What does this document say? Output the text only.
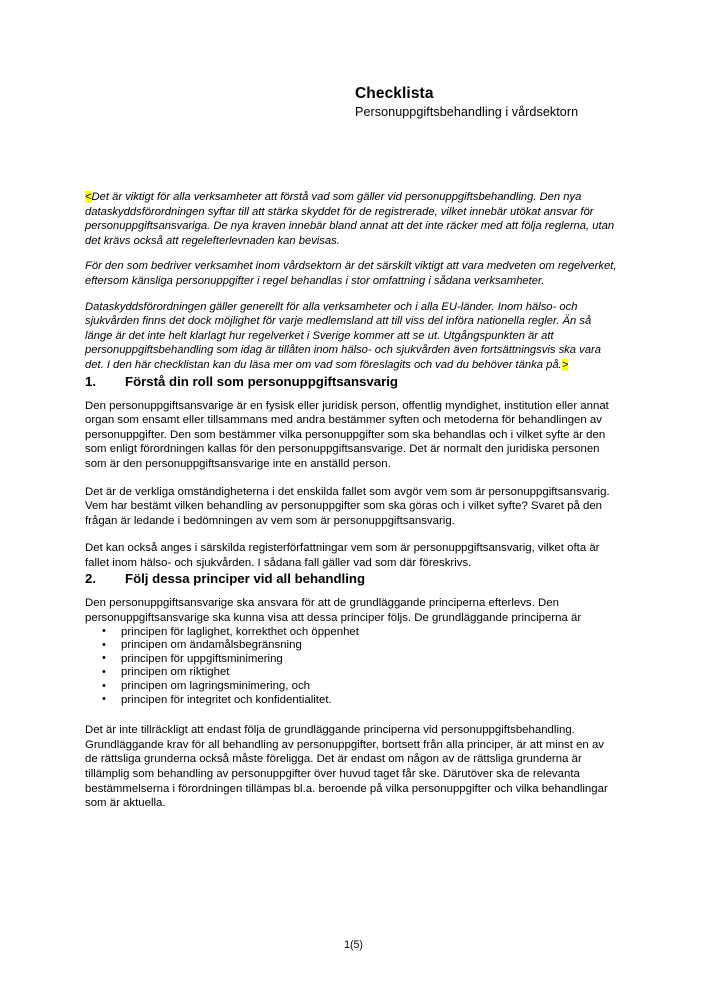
Checklista
Personuppgiftsbehandling i vårdsektorn

<Det är viktigt för alla verksamheter att förstå vad som gäller vid personuppgiftsbehandling. Den nya dataskyddsförordningen syftar till att stärka skyddet för de registrerade, vilket innebär utökat ansvar för personuppgiftsansvariga. De nya kraven innebär bland annat att det inte räcker med att följa reglerna, utan det krävs också att regelefterlevnaden kan bevisas.

För den som bedriver verksamhet inom vårdsektorn är det särskilt viktigt att vara medveten om regelverket, eftersom känsliga personuppgifter i regel behandlas i stor omfattning i sådana verksamheter.

Dataskyddsförordningen gäller generellt för alla verksamheter och i alla EU-länder. Inom hälso- och sjukvården finns det dock möjlighet för varje medlemsland att till viss del införa nationella regler. Än så länge är det inte helt klarlagt hur regelverket i Sverige kommer att se ut. Utgångspunkten är att personuppgiftsbehandling som idag är tillåten inom hälso- och sjukvården även fortsättningsvis ska vara det. I den här checklistan kan du läsa mer om vad som föreslagits och vad du behöver tänka på.>

1.	Förstå din roll som personuppgiftsansvarig

Den personuppgiftsansvarige är en fysisk eller juridisk person, offentlig myndighet, institution eller annat organ som ensamt eller tillsammans med andra bestämmer syften och metoderna för behandlingen av personuppgifter. Den som bestämmer vilka personuppgifter som ska behandlas och i vilket syfte är den som enligt förordningen kallas för den personuppgiftsansvarige. Det är normalt den juridiska personen som är den personuppgiftsansvarige inte en anställd person.

Det är de verkliga omständigheterna i det enskilda fallet som avgör vem som är personuppgiftsansvarig. Vem har bestämt vilken behandling av personuppgifter som ska göras och i vilket syfte? Svaret på den frågan är ledande i bedömningen av vem som är personuppgiftsansvarig.

Det kan också anges i särskilda registerförfattningar vem som är personuppgiftsansvarig, vilket ofta är fallet inom hälso- och sjukvården. I sådana fall gäller vad som där föreskrivs.

2.	Följ dessa principer vid all behandling

Den personuppgiftsansvarige ska ansvara för att de grundläggande principerna efterlevs. Den personuppgiftsansvarige ska kunna visa att dessa principer följs. De grundläggande principerna är

• principen för laglighet, korrekthet och öppenhet
• principen om ändamålsbegränsning
• principen för uppgiftsminimering
• principen om riktighet
• principen om lagringsminimering, och
• principen för integritet och konfidentialitet.

Det är inte tillräckligt att endast följa de grundläggande principerna vid personuppgiftsbehandling. Grundläggande krav för all behandling av personuppgifter, bortsett från alla principer, är att minst en av de rättsliga grunderna också måste föreligga. Det är endast om någon av de rättsliga grunderna är tillämplig som behandling av personuppgifter över huvud taget får ske. Därutöver ska de relevanta bestämmelserna i förordningen tillämpas bl.a. beroende på vilka personuppgifter och vilka behandlingar som är aktuella.

1(5)
